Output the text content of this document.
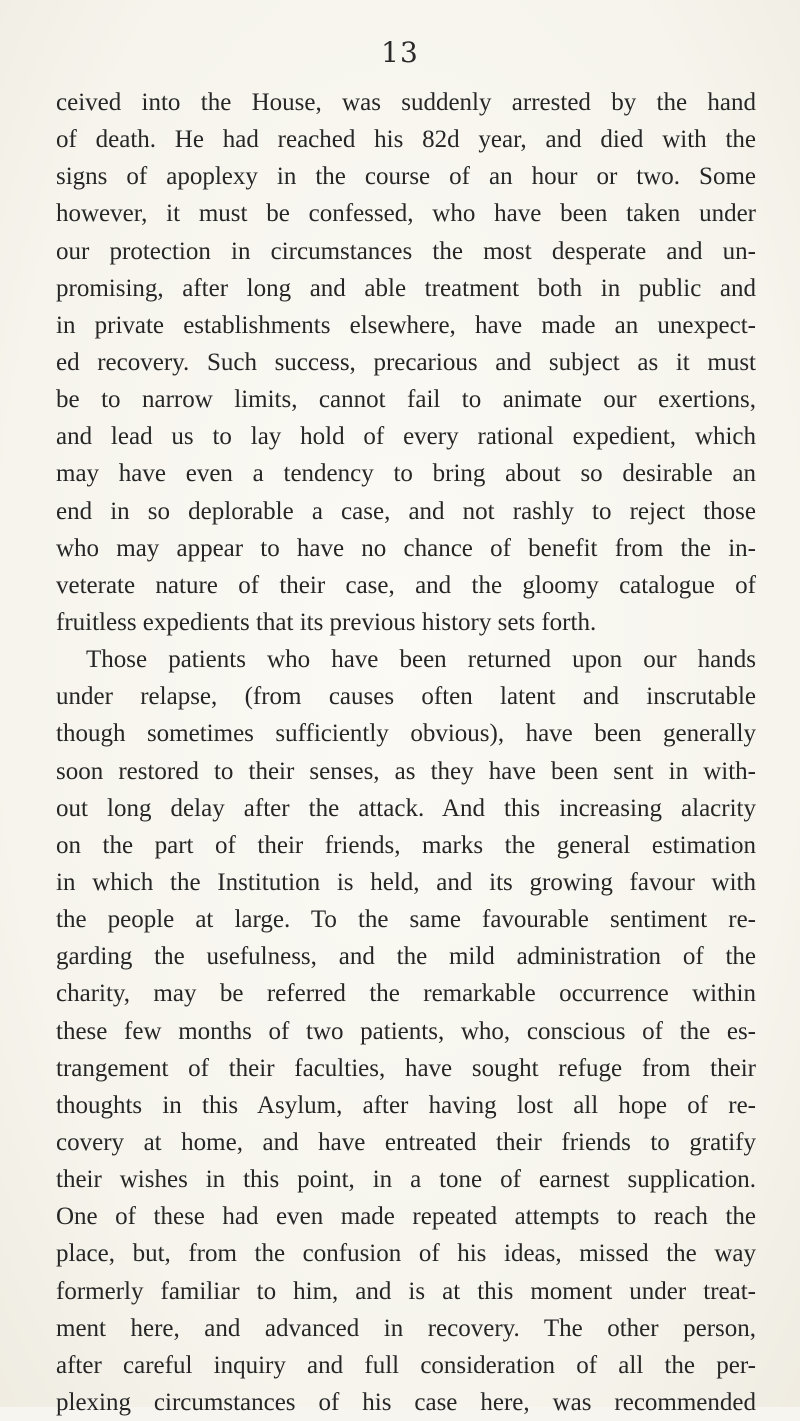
13
ceived into the House, was suddenly arrested by the hand
of death. He had reached his 82d year, and died with the
signs of apoplexy in the course of an hour or two. Some
however, it must be confessed, who have been taken under
our protection in circumstances the most desperate and un-
promising, after long and able treatment both in public and
in private establishments elsewhere, have made an unexpect-
ed recovery. Such success, precarious and subject as it must
be to narrow limits, cannot fail to animate our exertions,
and lead us to lay hold of every rational expedient, which
may have even a tendency to bring about so desirable an
end in so deplorable a case, and not rashly to reject those
who may appear to have no chance of benefit from the in-
veterate nature of their case, and the gloomy catalogue of
fruitless expedients that its previous history sets forth.
Those patients who have been returned upon our hands
under relapse, (from causes often latent and inscrutable
though sometimes sufficiently obvious), have been generally
soon restored to their senses, as they have been sent in with-
out long delay after the attack. And this increasing alacrity
on the part of their friends, marks the general estimation
in which the Institution is held, and its growing favour with
the people at large. To the same favourable sentiment re-
garding the usefulness, and the mild administration of the
charity, may be referred the remarkable occurrence within
these few months of two patients, who, conscious of the es-
trangement of their faculties, have sought refuge from their
thoughts in this Asylum, after having lost all hope of re-
covery at home, and have entreated their friends to gratify
their wishes in this point, in a tone of earnest supplication.
One of these had even made repeated attempts to reach the
place, but, from the confusion of his ideas, missed the way
formerly familiar to him, and is at this moment under treat-
ment here, and advanced in recovery. The other person,
after careful inquiry and full consideration of all the per-
plexing circumstances of his case here, was recommended
